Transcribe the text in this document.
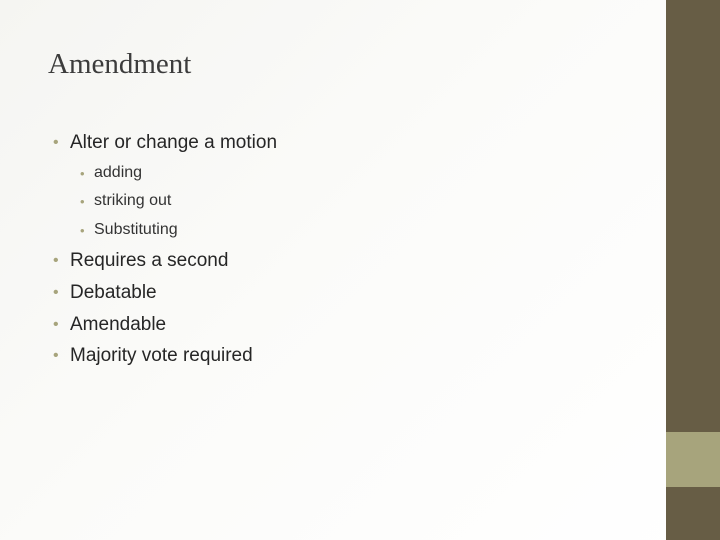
Amendment
• Alter or change a motion
• adding
• striking out
• Substituting
• Requires a second
• Debatable
• Amendable
• Majority vote required
